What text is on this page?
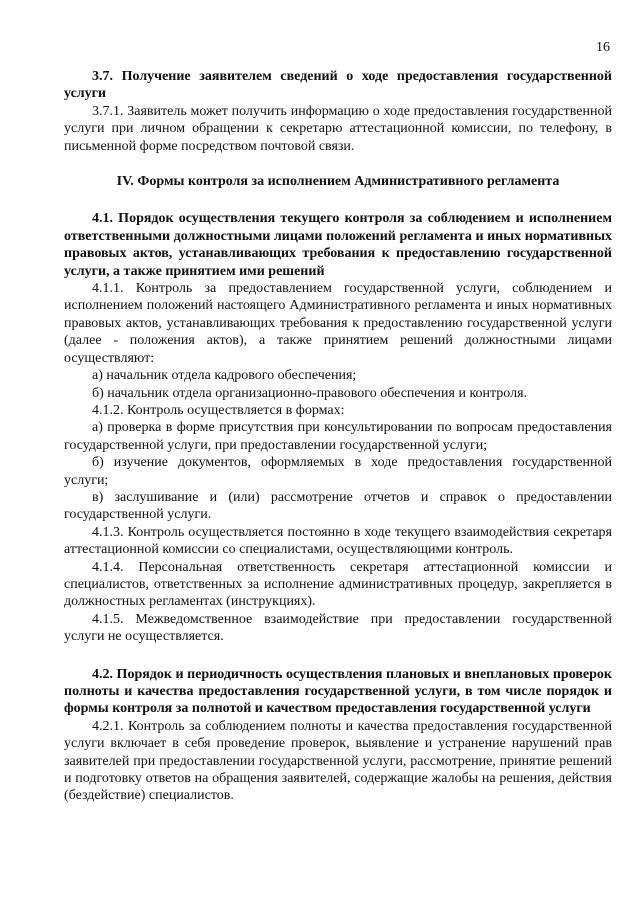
16

3.7. Получение заявителем сведений о ходе предоставления государственной услуги

3.7.1. Заявитель может получить информацию о ходе предоставления государственной услуги при личном обращении к секретарю аттестационной комиссии, по телефону, в письменной форме посредством почтовой связи.

IV. Формы контроля за исполнением Административного регламента

4.1. Порядок осуществления текущего контроля за соблюдением и исполнением ответственными должностными лицами положений регламента и иных нормативных правовых актов, устанавливающих требования к предоставлению государственной услуги, а также принятием ими решений

4.1.1. Контроль за предоставлением государственной услуги, соблюдением и исполнением положений настоящего Административного регламента и иных нормативных правовых актов, устанавливающих требования к предоставлению государственной услуги (далее - положения актов), а также принятием решений должностными лицами осуществляют:

а) начальник отдела кадрового обеспечения;

б) начальник отдела организационно-правового обеспечения и контроля.

4.1.2. Контроль осуществляется в формах:

а) проверка в форме присутствия при консультировании по вопросам предоставления государственной услуги, при предоставлении государственной услуги;

б) изучение документов, оформляемых в ходе предоставления государственной услуги;

в) заслушивание и (или) рассмотрение отчетов и справок о предоставлении государственной услуги.

4.1.3. Контроль осуществляется постоянно в ходе текущего взаимодействия секретаря аттестационной комиссии со специалистами, осуществляющими контроль.

4.1.4. Персональная ответственность секретаря аттестационной комиссии и специалистов, ответственных за исполнение административных процедур, закрепляется в должностных регламентах (инструкциях).

4.1.5. Межведомственное взаимодействие при предоставлении государственной услуги не осуществляется.

4.2. Порядок и периодичность осуществления плановых и внеплановых проверок полноты и качества предоставления государственной услуги, в том числе порядок и формы контроля за полнотой и качеством предоставления государственной услуги

4.2.1. Контроль за соблюдением полноты и качества предоставления государственной услуги включает в себя проведение проверок, выявление и устранение нарушений прав заявителей при предоставлении государственной услуги, рассмотрение, принятие решений и подготовку ответов на обращения заявителей, содержащие жалобы на решения, действия (бездействие) специалистов.
